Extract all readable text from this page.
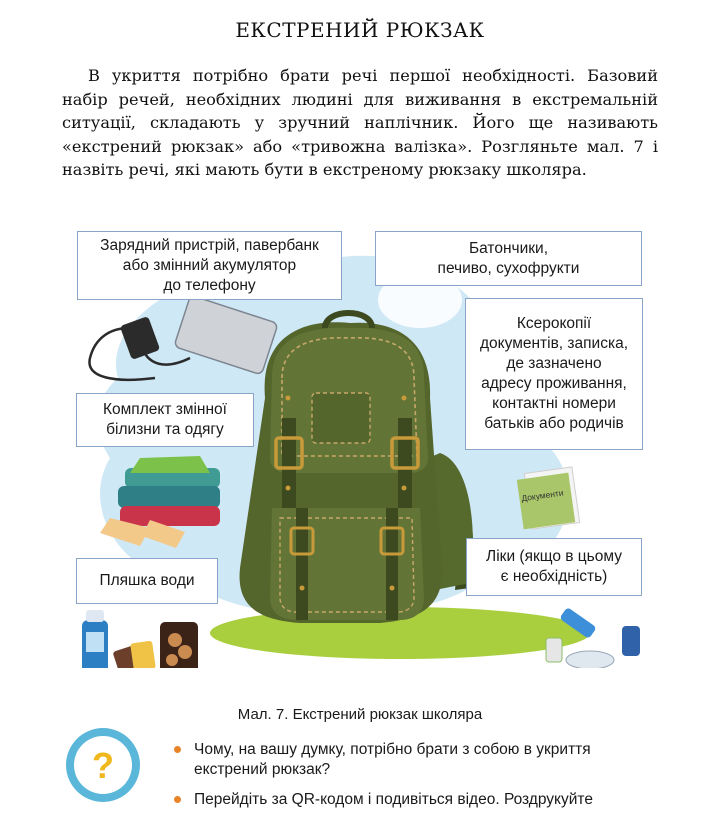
ЕКСТРЕНИЙ РЮКЗАК

В укриття потрібно брати речі першої необхідності. Базовий набір речей, необхідних людині для виживання в екстремальній ситуації, складають у зручний наплічник. Його ще називають «екстрений рюкзак» або «тривожна валізка». Розгляньте мал. 7 і назвіть речі, які мають бути в екстреному рюкзаку школяра.

Документи
Зарядний пристрій, павербанк
або змінний акумулятор
до телефону
Батончики,
печиво, сухофрукти
Ксерокопії
документів, записка,
де зазначено
адресу проживання,
контактні номери
батьків або родичів
Комплект змінної
білизни та одягу
Пляшка води
Ліки (якщо в цьому
є необхідність)
Мал. 7. Екстрений рюкзак школяра
?	Чому, на вашу думку, потрібно брати з собою в укриття
екстрений рюкзак?
Перейдіть за QR-кодом і подивіться відео. Роздрукуйте
